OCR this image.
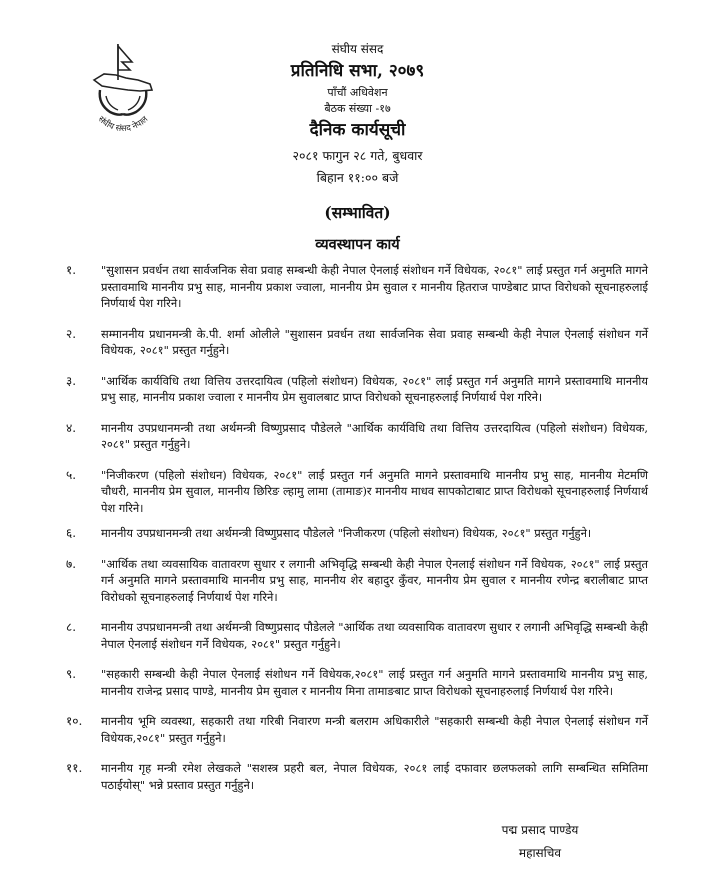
संघीय संसद नेपाल
संघीय संसद
प्रतिनिधि सभा, २०७९
पाँचौं अधिवेशन
बैठक संख्या -१७
दैनिक कार्यसूची
२०८१ फागुन २८ गते, बुधवार
बिहान ११:०० बजे
(सम्भावित)
व्यवस्थापन कार्य
१.	"सुशासन प्रवर्धन तथा सार्वजनिक सेवा प्रवाह सम्बन्धी केही नेपाल ऐनलाई संशोधन गर्ने विधेयक, २०८१" लाई प्रस्तुत गर्न अनुमति मागने प्रस्तावमाथि माननीय प्रभु साह, माननीय प्रकाश ज्वाला, माननीय प्रेम सुवाल र माननीय हितराज पाण्डेबाट प्राप्त विरोधको सूचनाहरुलाई निर्णयार्थ पेश गरिने।
२.	सम्माननीय प्रधानमन्त्री के.पी. शर्मा ओलीले "सुशासन प्रवर्धन तथा सार्वजनिक सेवा प्रवाह सम्बन्धी केही नेपाल ऐनलाई संशोधन गर्ने विधेयक, २०८१" प्रस्तुत गर्नुहुने।
३.	"आर्थिक कार्यविधि तथा वित्तिय उत्तरदायित्व (पहिलो संशोधन) विधेयक, २०८१" लाई प्रस्तुत गर्न अनुमति मागने प्रस्तावमाथि माननीय प्रभु साह, माननीय प्रकाश ज्वाला र माननीय प्रेम सुवालबाट प्राप्त विरोधको सूचनाहरुलाई निर्णयार्थ पेश गरिने।
४.	माननीय उपप्रधानमन्त्री तथा अर्थमन्त्री विष्णुप्रसाद पौडेलले "आर्थिक कार्यविधि तथा वित्तिय उत्तरदायित्व (पहिलो संशोधन) विधेयक, २०८१" प्रस्तुत गर्नुहुने।
५.	"निजीकरण (पहिलो संशोधन) विधेयक, २०८१" लाई प्रस्तुत गर्न अनुमति मागने प्रस्तावमाथि माननीय प्रभु साह, माननीय मेटमणि चौधरी, माननीय प्रेम सुवाल, माननीय छिरिङ ल्हामु लामा (तामाङ)र माननीय माधव सापकोटाबाट प्राप्त विरोधको सूचनाहरुलाई निर्णयार्थ पेश गरिने।
६.	माननीय उपप्रधानमन्त्री तथा अर्थमन्त्री विष्णुप्रसाद पौडेलले "निजीकरण (पहिलो संशोधन) विधेयक, २०८१" प्रस्तुत गर्नुहुने।
७.	"आर्थिक तथा व्यवसायिक वातावरण सुधार र लगानी अभिवृद्धि सम्बन्धी केही नेपाल ऐनलाई संशोधन गर्ने विधेयक, २०८१" लाई प्रस्तुत गर्न अनुमति मागने प्रस्तावमाथि माननीय प्रभु साह, माननीय शेर बहादुर कुँवर, माननीय प्रेम सुवाल र माननीय रणेन्द्र बरालीबाट प्राप्त विरोधको सूचनाहरुलाई निर्णयार्थ पेश गरिने।
८.	माननीय उपप्रधानमन्त्री तथा अर्थमन्त्री विष्णुप्रसाद पौडेलले "आर्थिक तथा व्यवसायिक वातावरण सुधार र लगानी अभिवृद्धि सम्बन्धी केही नेपाल ऐनलाई संशोधन गर्ने विधेयक, २०८१" प्रस्तुत गर्नुहुने।
९.	"सहकारी सम्बन्धी केही नेपाल ऐनलाई संशोधन गर्ने विधेयक,२०८१" लाई प्रस्तुत गर्न अनुमति मागने प्रस्तावमाथि माननीय प्रभु साह, माननीय राजेन्द्र प्रसाद पाण्डे, माननीय प्रेम सुवाल र माननीय मिना तामाङबाट प्राप्त विरोधको सूचनाहरुलाई निर्णयार्थ पेश गरिने।
१०.	माननीय भूमि व्यवस्था, सहकारी तथा गरिबी निवारण मन्त्री बलराम अधिकारीले "सहकारी सम्बन्धी केही नेपाल ऐनलाई संशोधन गर्ने विधेयक,२०८१" प्रस्तुत गर्नुहुने।
११.	माननीय गृह मन्त्री रमेश लेखकले "सशस्त्र प्रहरी बल, नेपाल विधेयक, २०८१ लाई दफावार छलफलको लागि सम्बन्धित समितिमा पठाईयोस्" भन्ने प्रस्ताव प्रस्तुत गर्नुहुने।
पद्म प्रसाद पाण्डेय
महासचिव
